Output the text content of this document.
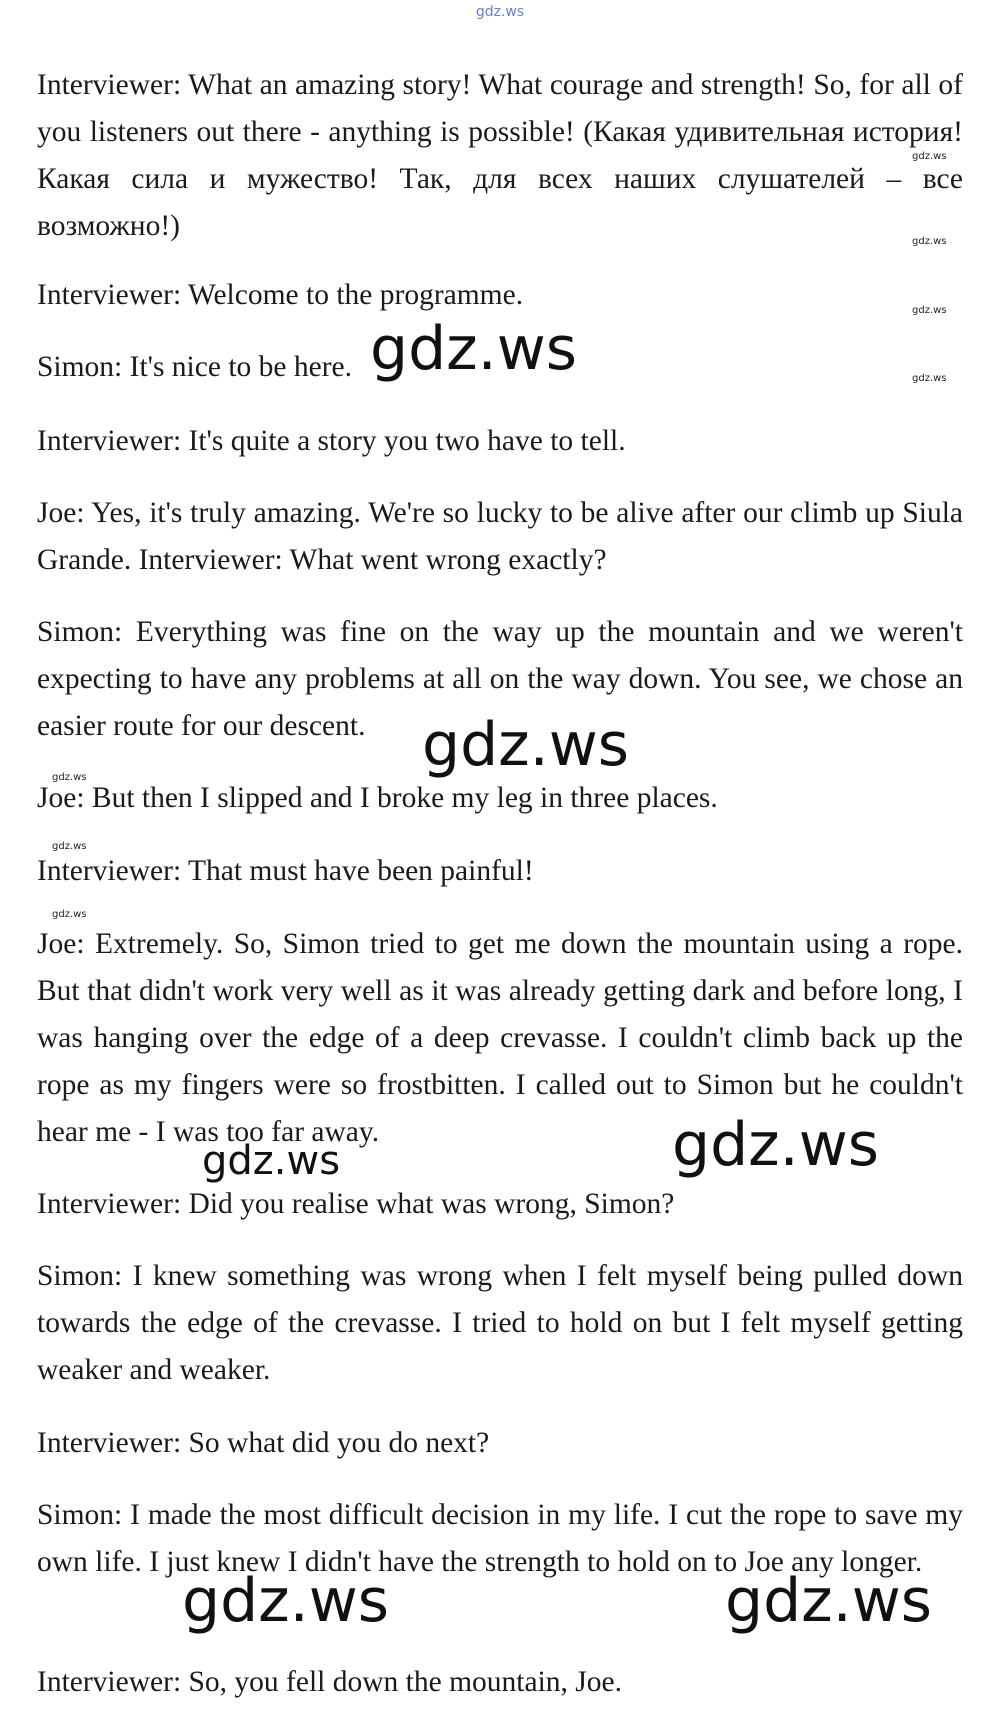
gdz.ws

Interviewer: What an amazing story! What courage and strength! So, for all of you listeners out there - anything is possible! (Какая удивительная история! Какая сила и мужество! Так, для всех наших слушателей – все возможно!)

Interviewer: Welcome to the programme.

Simon: It's nice to be here.

Interviewer: It's quite a story you two have to tell.

Joe: Yes, it's truly amazing. We're so lucky to be alive after our climb up Siula Grande. Interviewer: What went wrong exactly?

Simon: Everything was fine on the way up the mountain and we weren't expecting to have any problems at all on the way down. You see, we chose an easier route for our descent.

Joe: But then I slipped and I broke my leg in three places.

Interviewer: That must have been painful!

Joe: Extremely. So, Simon tried to get me down the mountain using a rope. But that didn't work very well as it was already getting dark and before long, I was hanging over the edge of a deep crevasse. I couldn't climb back up the rope as my fingers were so frostbitten. I called out to Simon but he couldn't hear me - I was too far away.

Interviewer: Did you realise what was wrong, Simon?

Simon: I knew something was wrong when I felt myself being pulled down towards the edge of the crevasse. I tried to hold on but I felt myself getting weaker and weaker.

Interviewer: So what did you do next?

Simon: I made the most difficult decision in my life. I cut the rope to save my own life. I just knew I didn't have the strength to hold on to Joe any longer.

Interviewer: So, you fell down the mountain, Joe.

gdz.ws
gdz.ws
gdz.ws
gdz.ws	gdz.ws
gdz.ws
gdz.ws
gdz.ws
gdz.ws
gdz.ws
gdz.ws
gdz.ws
gdz.ws
